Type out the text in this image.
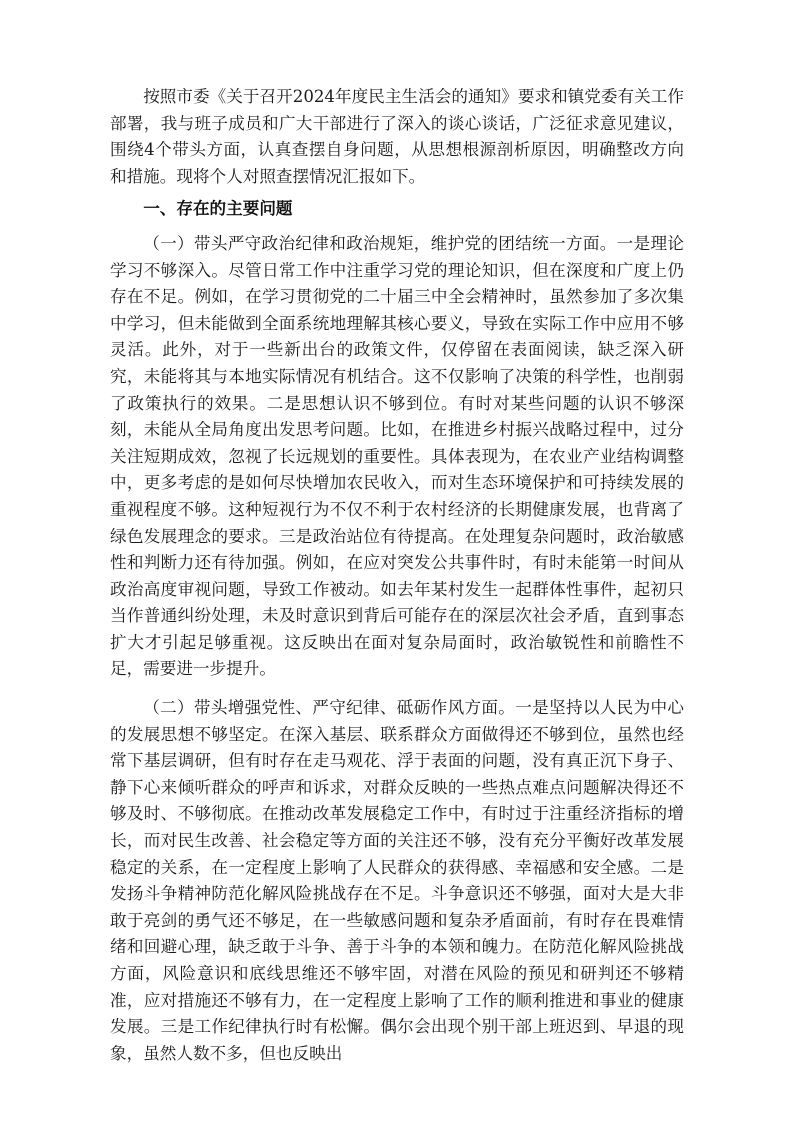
按照市委《关于召开2024年度民主生活会的通知》要求和镇党委有关工作部署，我与班子成员和广大干部进行了深入的谈心谈话，广泛征求意见建议，围绕4个带头方面，认真查摆自身问题，从思想根源剖析原因，明确整改方向和措施。现将个人对照查摆情况汇报如下。

一、存在的主要问题

（一）带头严守政治纪律和政治规矩，维护党的团结统一方面。一是理论学习不够深入。尽管日常工作中注重学习党的理论知识，但在深度和广度上仍存在不足。例如，在学习贯彻党的二十届三中全会精神时，虽然参加了多次集中学习，但未能做到全面系统地理解其核心要义，导致在实际工作中应用不够灵活。此外，对于一些新出台的政策文件，仅停留在表面阅读，缺乏深入研究，未能将其与本地实际情况有机结合。这不仅影响了决策的科学性，也削弱了政策执行的效果。二是思想认识不够到位。有时对某些问题的认识不够深刻，未能从全局角度出发思考问题。比如，在推进乡村振兴战略过程中，过分关注短期成效，忽视了长远规划的重要性。具体表现为，在农业产业结构调整中，更多考虑的是如何尽快增加农民收入，而对生态环境保护和可持续发展的重视程度不够。这种短视行为不仅不利于农村经济的长期健康发展，也背离了绿色发展理念的要求。三是政治站位有待提高。在处理复杂问题时，政治敏感性和判断力还有待加强。例如，在应对突发公共事件时，有时未能第一时间从政治高度审视问题，导致工作被动。如去年某村发生一起群体性事件，起初只当作普通纠纷处理，未及时意识到背后可能存在的深层次社会矛盾，直到事态扩大才引起足够重视。这反映出在面对复杂局面时，政治敏锐性和前瞻性不足，需要进一步提升。

（二）带头增强党性、严守纪律、砥砺作风方面。一是坚持以人民为中心的发展思想不够坚定。在深入基层、联系群众方面做得还不够到位，虽然也经常下基层调研，但有时存在走马观花、浮于表面的问题，没有真正沉下身子、静下心来倾听群众的呼声和诉求，对群众反映的一些热点难点问题解决得还不够及时、不够彻底。在推动改革发展稳定工作中，有时过于注重经济指标的增长，而对民生改善、社会稳定等方面的关注还不够，没有充分平衡好改革发展稳定的关系，在一定程度上影响了人民群众的获得感、幸福感和安全感。二是发扬斗争精神防范化解风险挑战存在不足。斗争意识还不够强，面对大是大非敢于亮剑的勇气还不够足，在一些敏感问题和复杂矛盾面前，有时存在畏难情绪和回避心理，缺乏敢于斗争、善于斗争的本领和魄力。在防范化解风险挑战方面，风险意识和底线思维还不够牢固，对潜在风险的预见和研判还不够精准，应对措施还不够有力，在一定程度上影响了工作的顺利推进和事业的健康发展。三是工作纪律执行时有松懈。偶尔会出现个别干部上班迟到、早退的现象，虽然人数不多，但也反映出
